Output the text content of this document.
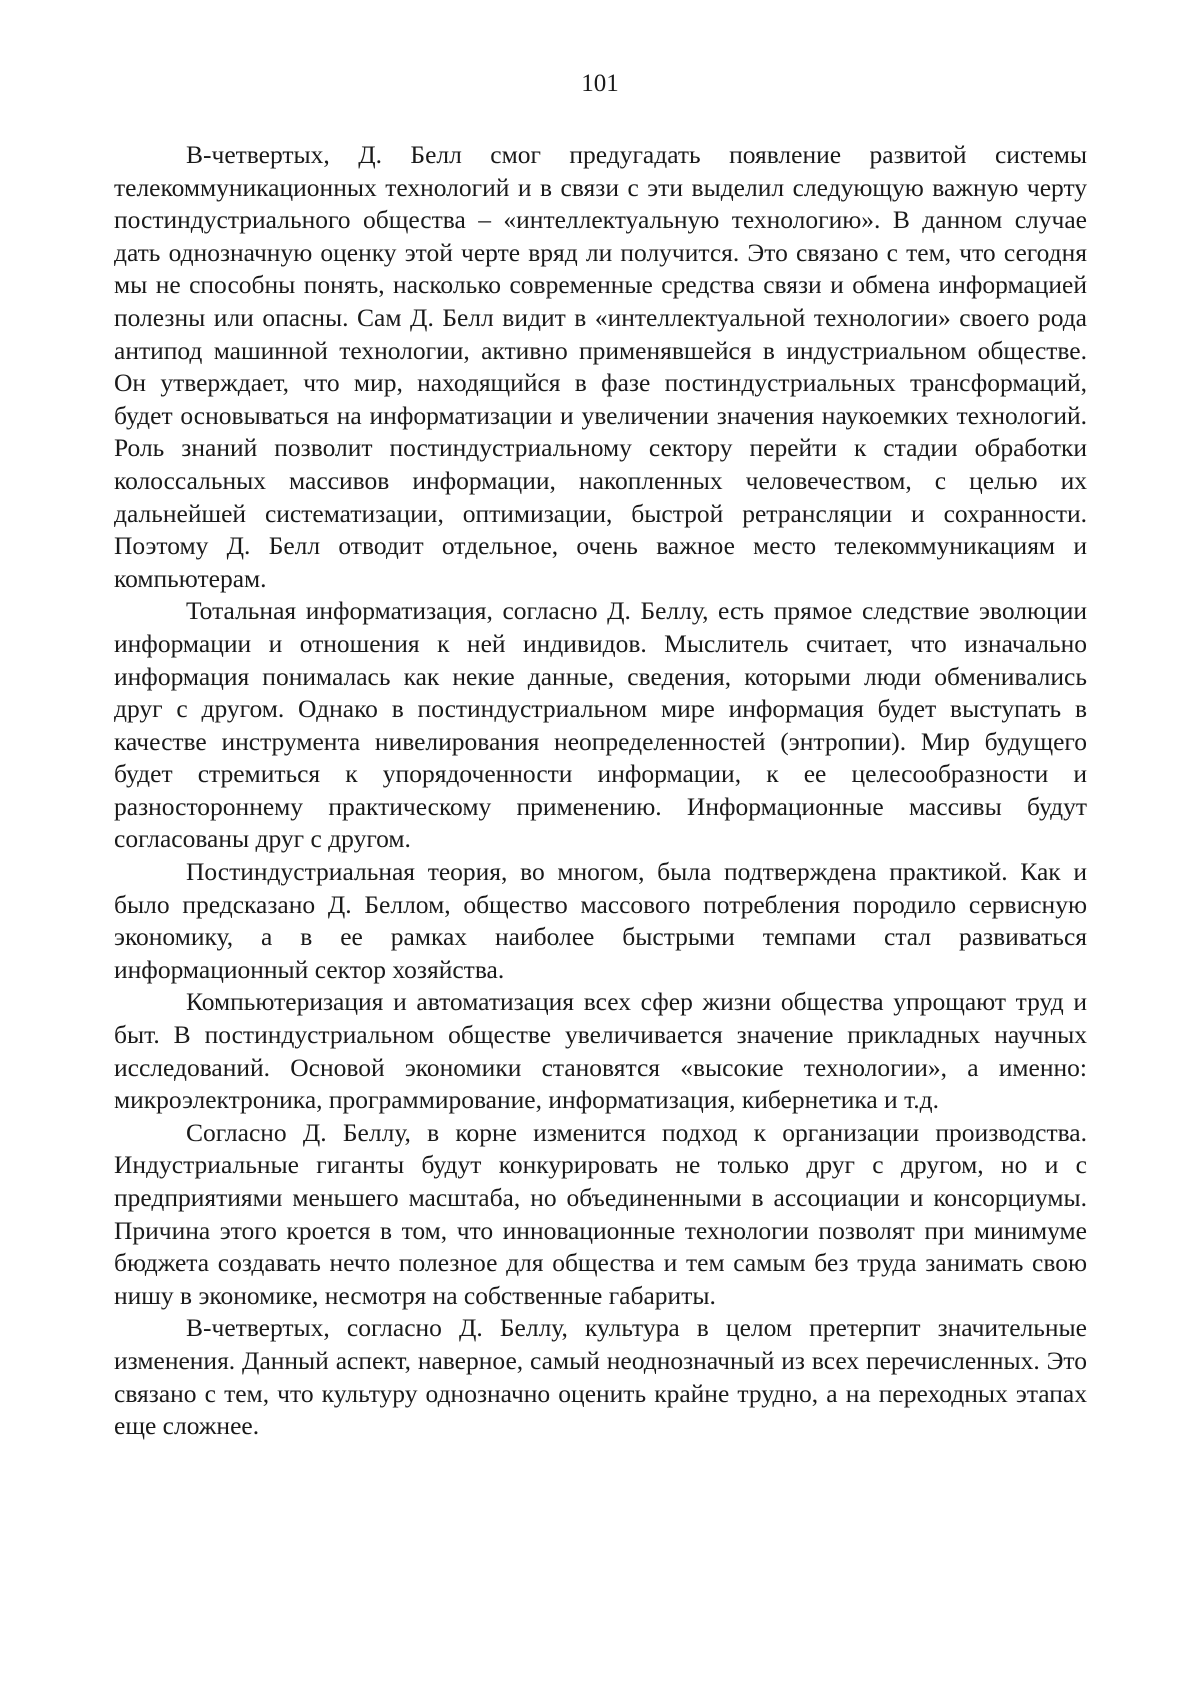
101

В-четвертых, Д. Белл смог предугадать появление развитой системы телекоммуникационных технологий и в связи с эти выделил следующую важную черту постиндустриального общества – «интеллектуальную технологию». В данном случае дать однозначную оценку этой черте вряд ли получится. Это связано с тем, что сегодня мы не способны понять, насколько современные средства связи и обмена информацией полезны или опасны. Сам Д. Белл видит в «интеллектуальной технологии» своего рода антипод машинной технологии, активно применявшейся в индустриальном обществе. Он утверждает, что мир, находящийся в фазе постиндустриальных трансформаций, будет основываться на информатизации и увеличении значения наукоемких технологий. Роль знаний позволит постиндустриальному сектору перейти к стадии обработки колоссальных массивов информации, накопленных человечеством, с целью их дальнейшей систематизации, оптимизации, быстрой ретрансляции и сохранности. Поэтому Д. Белл отводит отдельное, очень важное место телекоммуникациям и компьютерам.

Тотальная информатизация, согласно Д. Беллу, есть прямое следствие эволюции информации и отношения к ней индивидов. Мыслитель считает, что изначально информация понималась как некие данные, сведения, которыми люди обменивались друг с другом. Однако в постиндустриальном мире информация будет выступать в качестве инструмента нивелирования неопределенностей (энтропии). Мир будущего будет стремиться к упорядоченности информации, к ее целесообразности и разностороннему практическому применению. Информационные массивы будут согласованы друг с другом.

Постиндустриальная теория, во многом, была подтверждена практикой. Как и было предсказано Д. Беллом, общество массового потребления породило сервисную экономику, а в ее рамках наиболее быстрыми темпами стал развиваться информационный сектор хозяйства.

Компьютеризация и автоматизация всех сфер жизни общества упрощают труд и быт. В постиндустриальном обществе увеличивается значение прикладных научных исследований. Основой экономики становятся «высокие технологии», а именно: микроэлектроника, программирование, информатизация, кибернетика и т.д.

Согласно Д. Беллу, в корне изменится подход к организации производства. Индустриальные гиганты будут конкурировать не только друг с другом, но и с предприятиями меньшего масштаба, но объединенными в ассоциации и консорциумы. Причина этого кроется в том, что инновационные технологии позволят при минимуме бюджета создавать нечто полезное для общества и тем самым без труда занимать свою нишу в экономике, несмотря на собственные габариты.

В-четвертых, согласно Д. Беллу, культура в целом претерпит значительные изменения. Данный аспект, наверное, самый неоднозначный из всех перечисленных. Это связано с тем, что культуру однозначно оценить крайне трудно, а на переходных этапах еще сложнее.
